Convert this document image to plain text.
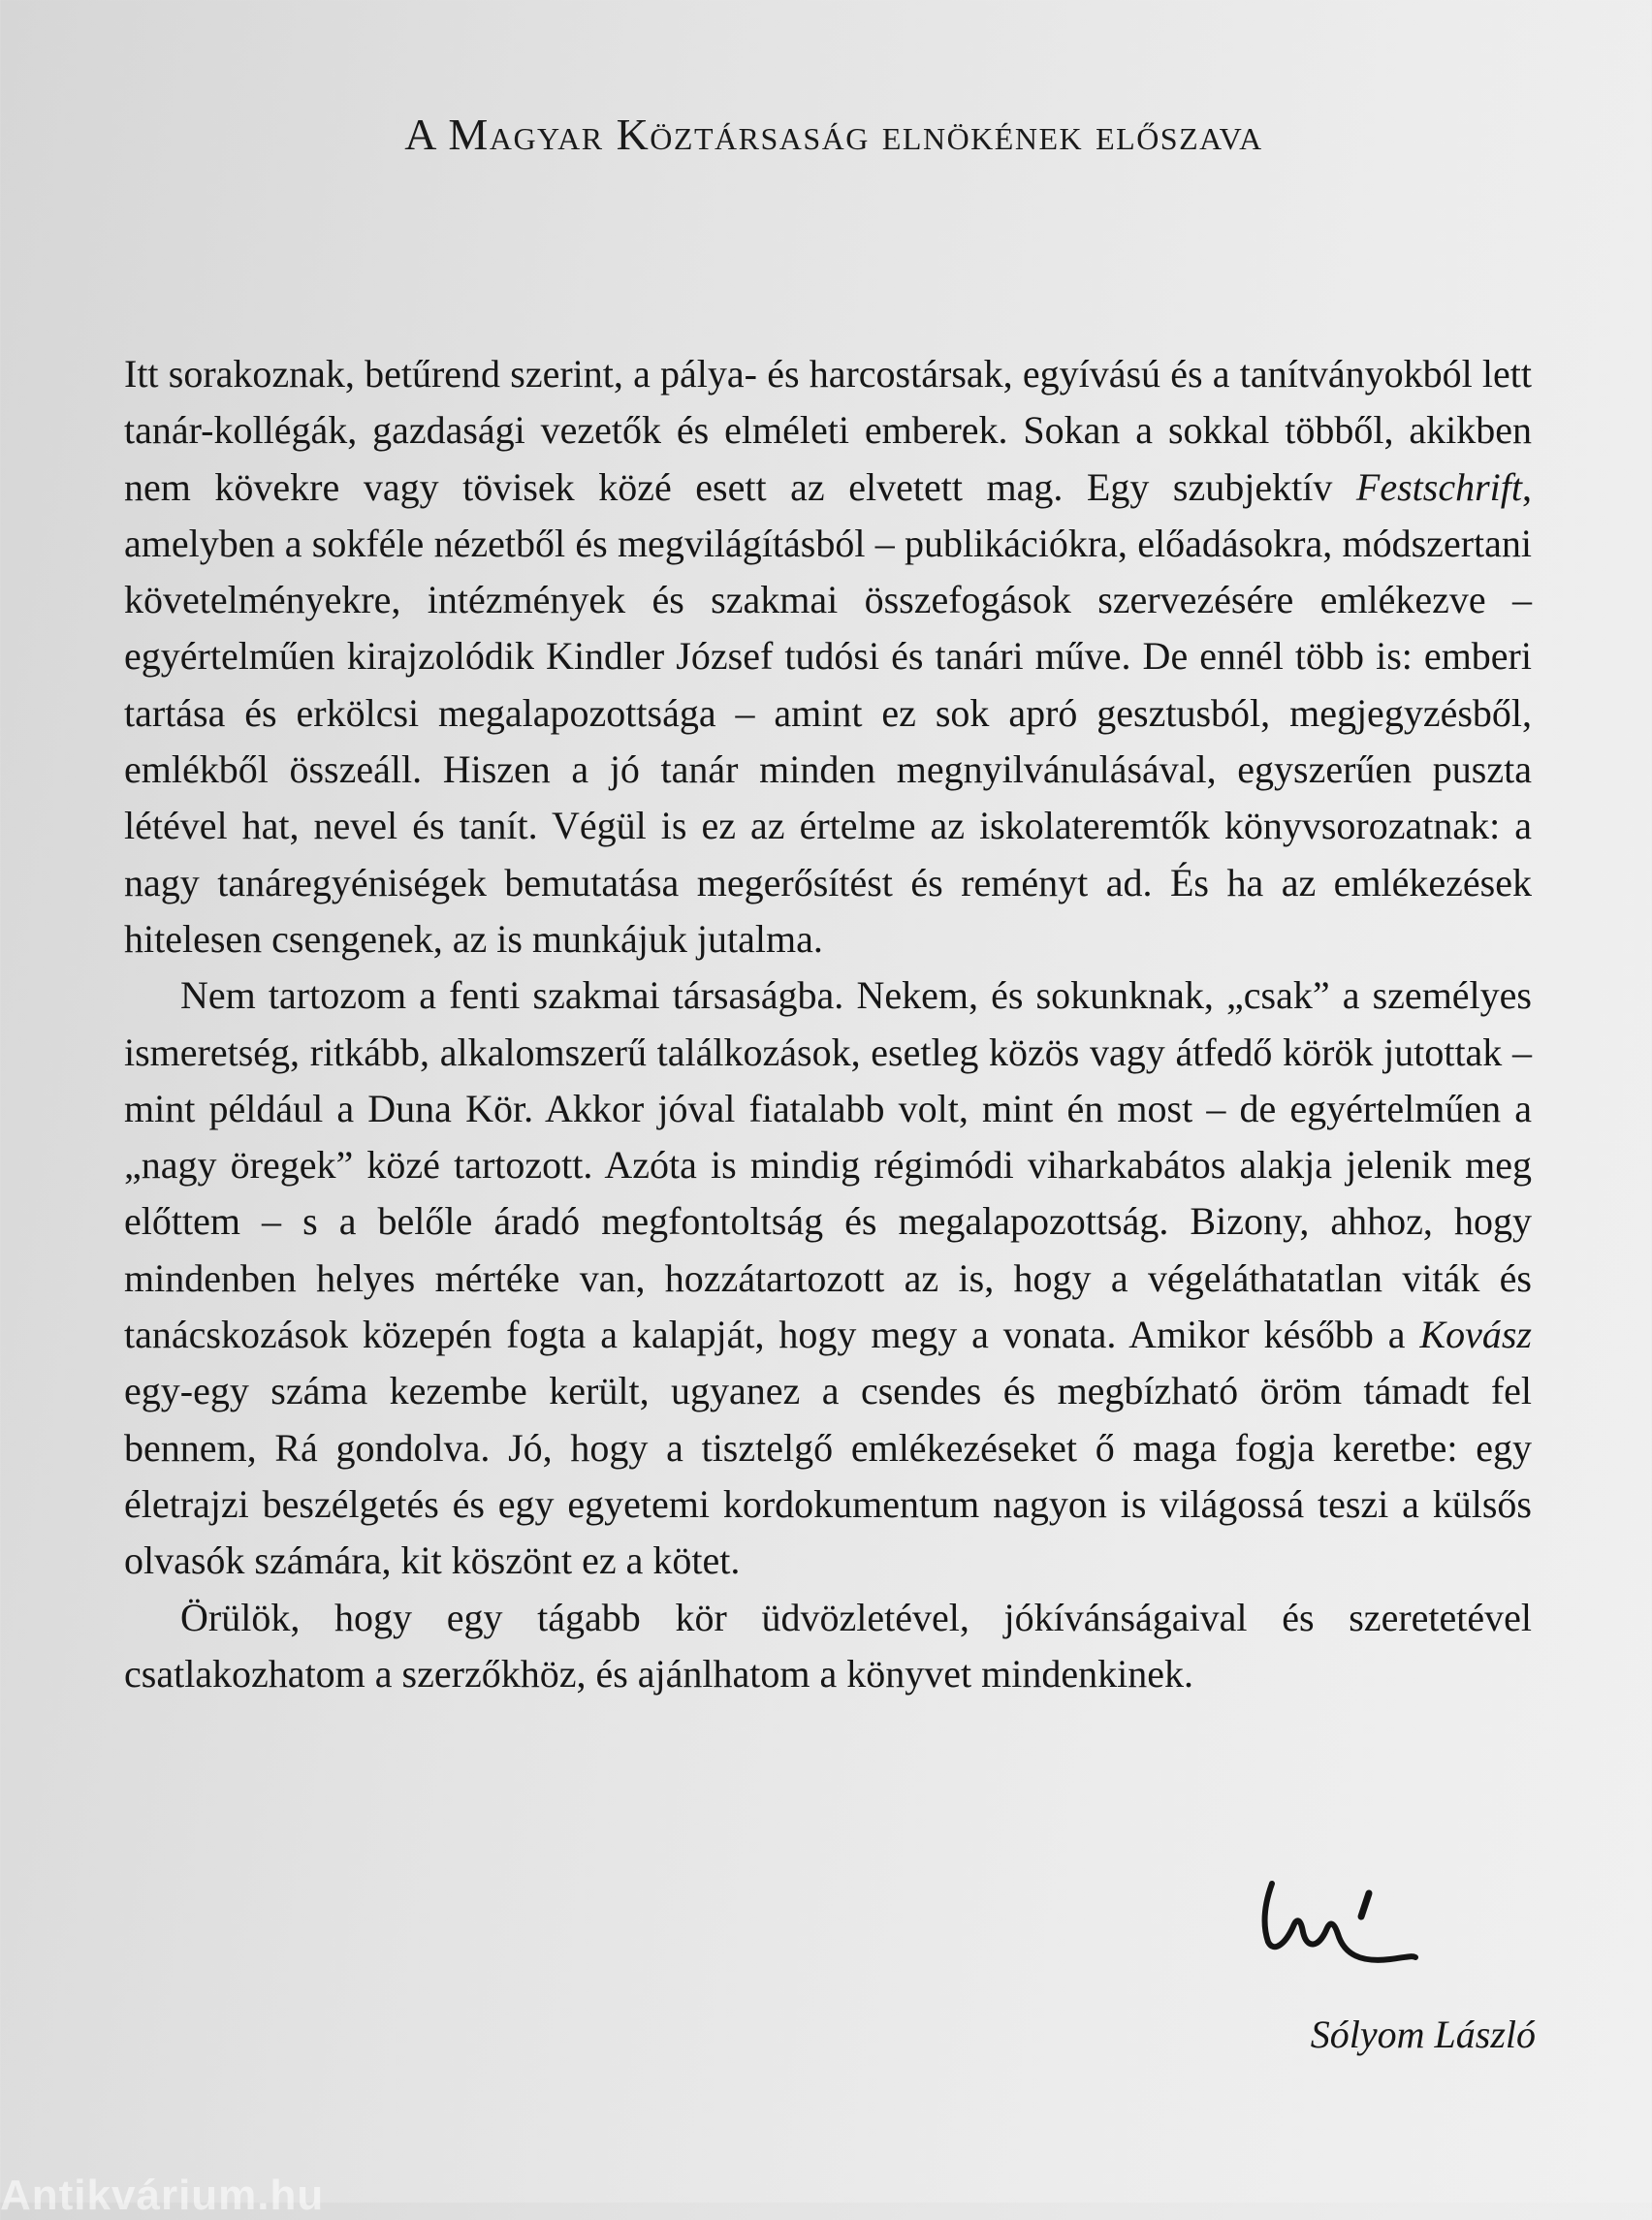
A Magyar Köztársaság elnökének előszava

Itt sorakoznak, betűrend szerint, a pálya- és harcostársak, egyívású és a tanítványokból lett tanár-kollégák, gazdasági vezetők és elméleti emberek. Sokan a sokkal többől, akikben nem kövekre vagy tövisek közé esett az elvetett mag. Egy szubjektív Festschrift, amelyben a sokféle nézetből és megvilágításból – publikációkra, előadásokra, módszertani követelményekre, intézmények és szakmai összefogások szervezésére emlékezve – egyértelműen kirajzolódik Kindler József tudósi és tanári műve. De ennél több is: emberi tartása és erkölcsi megalapozottsága – amint ez sok apró gesztusból, megjegyzésből, emlékből összeáll. Hiszen a jó tanár minden megnyilvánulásával, egyszerűen puszta létével hat, nevel és tanít. Végül is ez az értelme az iskolateremtők könyvsorozatnak: a nagy tanáregyéniségek bemutatása megerősítést és reményt ad. És ha az emlékezések hitelesen csengenek, az is munkájuk jutalma.

Nem tartozom a fenti szakmai társaságba. Nekem, és sokunknak, „csak” a személyes ismeretség, ritkább, alkalomszerű találkozások, esetleg közös vagy átfedő körök jutottak – mint például a Duna Kör. Akkor jóval fiatalabb volt, mint én most – de egyértelműen a „nagy öregek” közé tartozott. Azóta is mindig régimódi viharkabátos alakja jelenik meg előttem – s a belőle áradó megfontoltság és megalapozottság. Bizony, ahhoz, hogy mindenben helyes mértéke van, hozzátartozott az is, hogy a végeláthatatlan viták és tanácskozások közepén fogta a kalapját, hogy megy a vonata. Amikor később a Kovász egy-egy száma kezembe került, ugyanez a csendes és megbízható öröm támadt fel bennem, Rá gondolva. Jó, hogy a tisztelgő emlékezéseket ő maga fogja keretbe: egy életrajzi beszélgetés és egy egyetemi kordokumentum nagyon is világossá teszi a külsős olvasók számára, kit köszönt ez a kötet.

Örülök, hogy egy tágabb kör üdvözletével, jókívánságaival és szeretetével csatlakozhatom a szerzőkhöz, és ajánlhatom a könyvet mindenkinek.

Sólyom László
Antikvárium.hu
